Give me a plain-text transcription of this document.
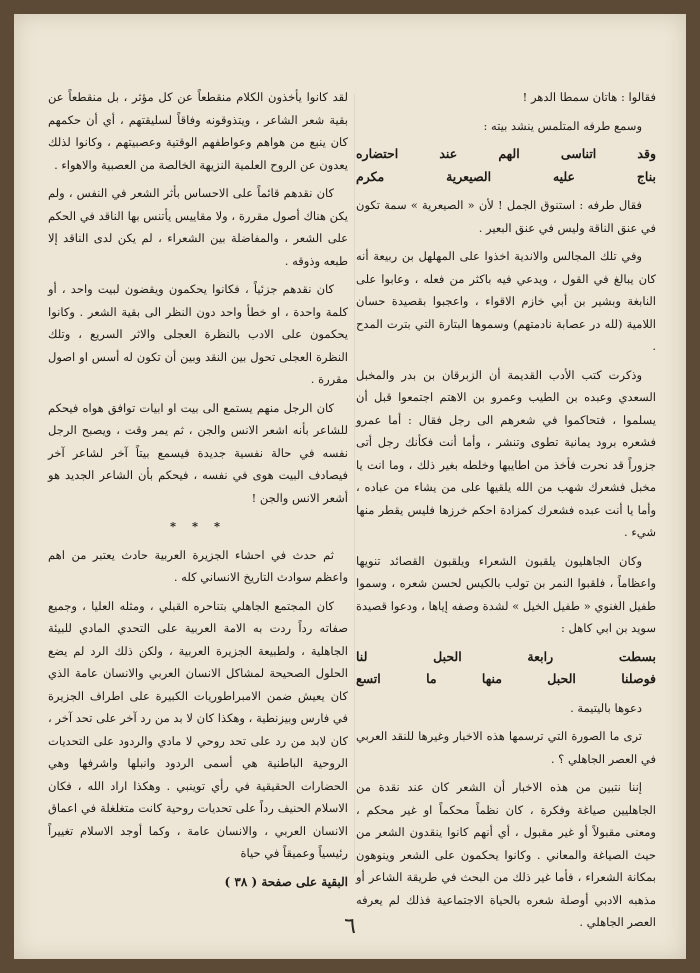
فقالوا : هاتان سمطا الدهر !

وسمع طرفه المتلمس ينشد بيته :

وقد اتناسى الهم عند احتضاره
بناج عليه الصيعرية مكرم

فقال طرفه : استنوق الجمل ! لأن « الصيعرية » سمة تكون في عنق الناقة وليس في عنق البعير .

وفي تلك المجالس والاندية اخذوا على المهلهل بن ربيعة أنه كان يبالغ في القول ، ويدعي فيه باكثر من فعله ، وعابوا على النابغة وبشير بن أبي خازم الاقواء ، واعجبوا بقصيدة حسان اللامية (لله در عصابة نادمتهم) وسموها البتارة التي بترت المدح .

وذكرت كتب الأدب القديمة أن الزبرقان بن بدر والمخبل السعدي وعبده بن الطيب وعمرو بن الاهتم اجتمعوا قبل أن يسلموا ، فتحاكموا في شعرهم الى رجل فقال : أما عمرو فشعره برود يمانية تطوى وتنشر ، وأما أنت فكأنك رجل أتى جزوراً قد نحرت فأخذ من اطايبها وخلطه بغير ذلك ، وما انت يا مخبل فشعرك شهب من الله يلقيها على من يشاء من عباده ، وأما يا أنت عبده فشعرك كمزادة احكم خرزها فليس يقطر منها شيء .

وكان الجاهليون يلقبون الشعراء ويلقبون القصائد تنويها واعظاماً ، فلقبوا النمر بن تولب بالكيس لحسن شعره ، وسموا طفيل الغنوي « طفيل الخيل » لشدة وصفه إياها ، ودعوا قصيدة سويد بن ابي كاهل :

بسطت رابعة الحبل لنا
فوصلنا الحبل منها ما اتسع

دعوها باليتيمة .

ترى ما الصورة التي ترسمها هذه الاخبار وغيرها للنقد العربي في العصر الجاهلي ؟ .

إننا نتبين من هذه الاخبار أن الشعر كان عند نقدة من الجاهليين صياغة وفكرة ، كان نظماً محكماً او غير محكم ، ومعنى مقبولاً أو غير مقبول ، أي أنهم كانوا ينقدون الشعر من حيث الصياغة والمعاني . وكانوا يحكمون على الشعر وينوهون بمكانة الشعراء ، فأما غير ذلك من البحث في طريقة الشاعر أو مذهبه الادبي أوصلة شعره بالحياة الاجتماعية فذلك لم يعرفه العصر الجاهلي .

لقد كانوا يأخذون الكلام منقطعاً عن كل مؤثر ، بل منقطعاً عن بقية شعر الشاعر ، ويتذوقونه وفاقاً لسليقتهم ، أي أن حكمهم كان ينبع من هواهم وعواطفهم الوقتية وعصبيتهم ، وكانوا لذلك يعدون عن الروح العلمية النزيهة الخالصة من العصبية والاهواء .

كان نقدهم قائماً على الاحساس بأثر الشعر في النفس ، ولم يكن هناك أصول مقررة ، ولا مقاييس يأتنس بها الناقد في الحكم على الشعر ، والمفاضلة بين الشعراء ، لم يكن لدى الناقد إلا طبعه وذوقه .

كان نقدهم جزئياً ، فكانوا يحكمون ويقضون لبيت واحد ، أو كلمة واحدة ، او خطأ واحد دون النظر الى بقية الشعر . وكانوا يحكمون على الادب بالنظرة العجلى والاثر السريع ، وتلك النظرة العجلى تحول بين النقد وبين أن تكون له أسس او اصول مقررة .

كان الرجل منهم يستمع الى بيت او ابيات توافق هواه فيحكم للشاعر بأنه اشعر الانس والجن ، ثم يمر وقت ، ويصبح الرجل نفسه في حالة نفسية جديدة فيسمع بيتاً آخر لشاعر آخر فيصادف البيت هوى في نفسه ، فيحكم بأن الشاعر الجديد هو أشعر الانس والجن !

* * *

ثم حدث في احشاء الجزيرة العربية حادث يعتبر من اهم واعظم سوادث التاريخ الانساني كله .

كان المجتمع الجاهلي بتناحره القبلي ، ومثله العليا ، وجميع صفاته رداً ردت به الامة العربية على التحدي المادي للبيئة الجاهلية ، ولطبيعة الجزيرة العربية ، ولكن ذلك الرد لم يضع الحلول الصحيحة لمشاكل الانسان العربي والانسان عامة الذي كان يعيش ضمن الامبراطوريات الكبيرة على اطراف الجزيرة في فارس وبيزنطية ، وهكذا كان لا بد من رد آخر على تحد آخر ، كان لابد من رد على تحد روحي لا مادي والردود على التحديات الروحية الباطنية هي أسمى الردود وانبلها واشرفها وهي الحضارات الحقيقية في رأي توينبي . وهكذا اراد الله ، فكان الاسلام الحنيف رداً على تحديات روحية كانت متغلغلة في اعماق الانسان العربي ، والانسان عامة ، وكما أوجد الاسلام تغييراً رئيسياً وعميقاً في حياة

البقية على صفحة ( ٣٨ )
٦
